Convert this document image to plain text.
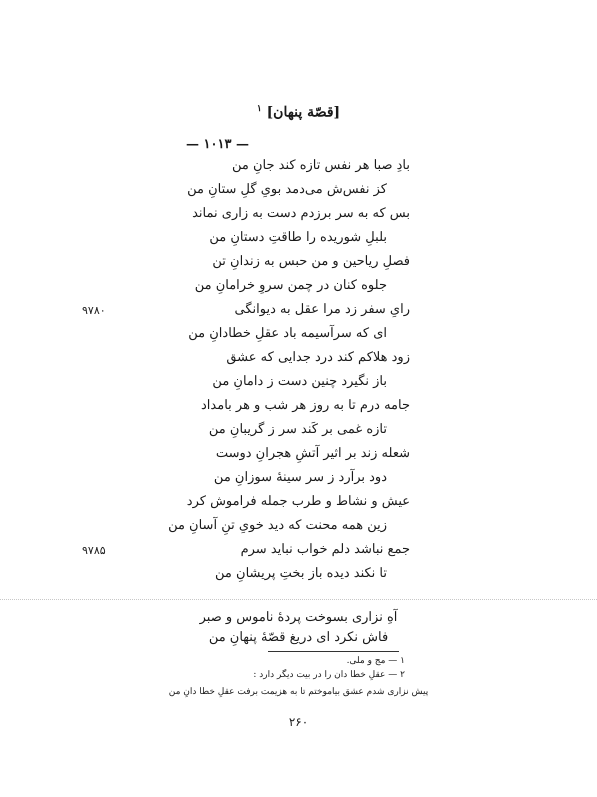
[قصّة پنهان] $^۱$
— ۱۰۱۳ —
بادِ صبا هر نفس تازه کند جانِ من
کز نفس‌ش می‌دمد بویِ گلِ ستانِ من
بس که به سر برزدم دست به زاری نماند
بلبلِ شوریده را طاقتِ دستانِ من
فصلِ ریاحین و من حبس به زندانِ تن
جلوه کنان در چمن سروِ خرامانِ من
رایِ سفر زد مرا عقل به دیوانگی
۹۷۸۰
ای که سرآسیمه باد عقلِ خطادانِ من
زود هلاکم کند درد جدایی که عشق
باز نگیرد چنین دست ز دامانِ من
جامه درم تا به روز هر شب و هر بامداد
تازه غمی بر کَند سر ز گریبانِ من
شعله زند بر اثیر آتشِ هجرانِ دوست
دود برآرد ز سر سینهٔ سوزانِ من
عیش و نشاط و طرب جمله فراموش کرد
زین همه محنت که دید خویِ تنِ آسانِ من
جمع نباشد دلم خواب نباید سرم
۹۷۸۵
تا نکند دیده باز بختِ پریشانِ من
آهِ نزاری بسوخت پردهٔ ناموس و صبر
فاش نکرد ای دریغ قصّهٔ پنهانِ من
۱ — مج و ملی.
۲ — عقلِ خطا دان را در بیت دیگر دارد :
پیش نزاری شدم عشق بیاموختم تا به هزیمت برفت عقلِ خطا دانِ من
۲۶۰
